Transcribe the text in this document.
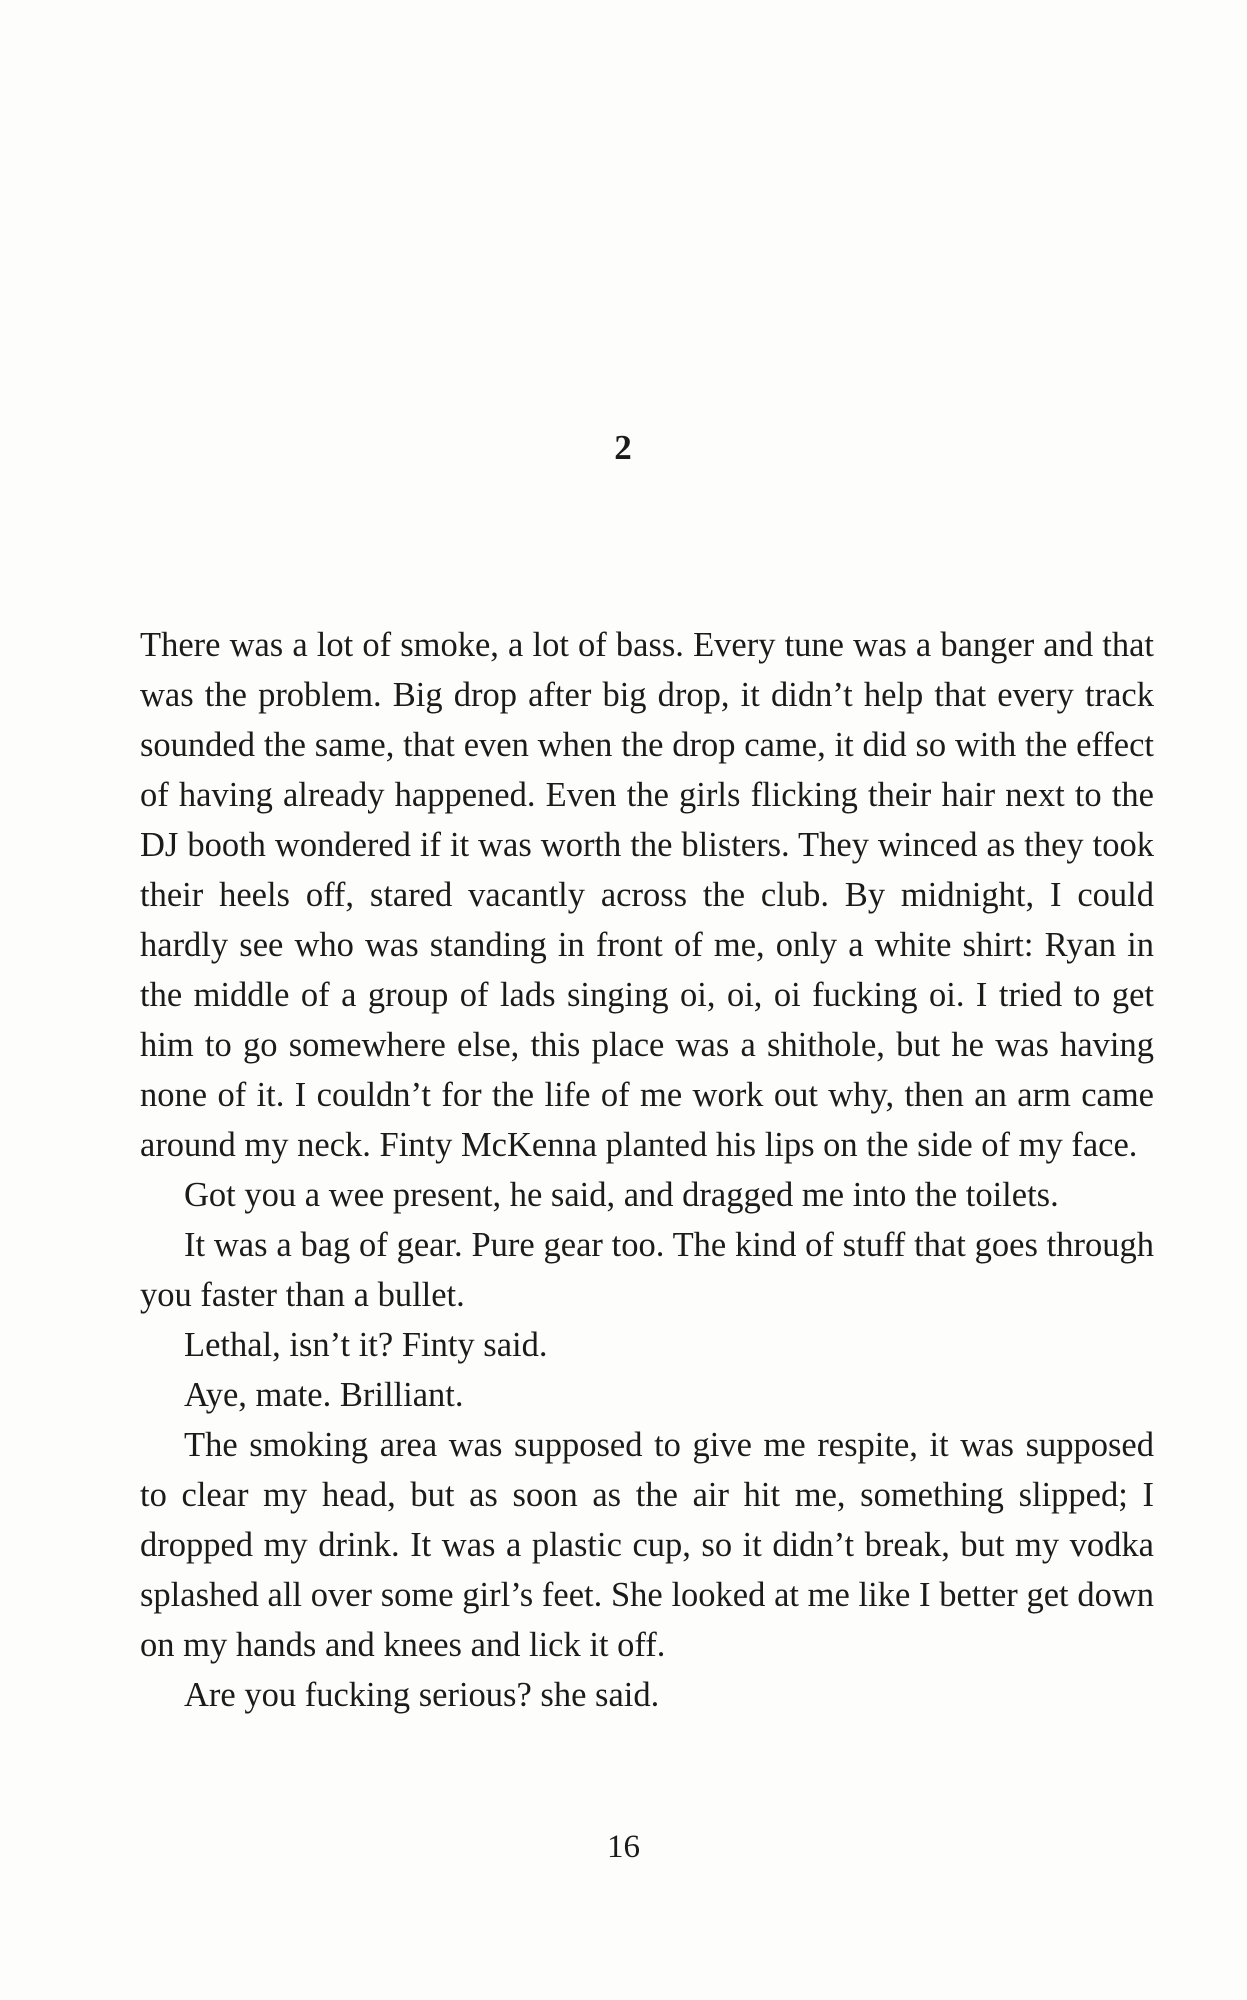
2

There was a lot of smoke, a lot of bass. Every tune was a banger and that was the problem. Big drop after big drop, it didn’t help that every track sounded the same, that even when the drop came, it did so with the effect of having already happened. Even the girls flicking their hair next to the DJ booth wondered if it was worth the blisters. They winced as they took their heels off, stared vacantly across the club. By midnight, I could hardly see who was standing in front of me, only a white shirt: Ryan in the middle of a group of lads singing oi, oi, oi fucking oi. I tried to get him to go somewhere else, this place was a shithole, but he was having none of it. I couldn’t for the life of me work out why, then an arm came around my neck. Finty McKenna planted his lips on the side of my face.

Got you a wee present, he said, and dragged me into the toilets.

It was a bag of gear. Pure gear too. The kind of stuff that goes through you faster than a bullet.

Lethal, isn’t it? Finty said.

Aye, mate. Brilliant.

The smoking area was supposed to give me respite, it was supposed to clear my head, but as soon as the air hit me, something slipped; I dropped my drink. It was a plastic cup, so it didn’t break, but my vodka splashed all over some girl’s feet. She looked at me like I better get down on my hands and knees and lick it off.

Are you fucking serious? she said.

16
